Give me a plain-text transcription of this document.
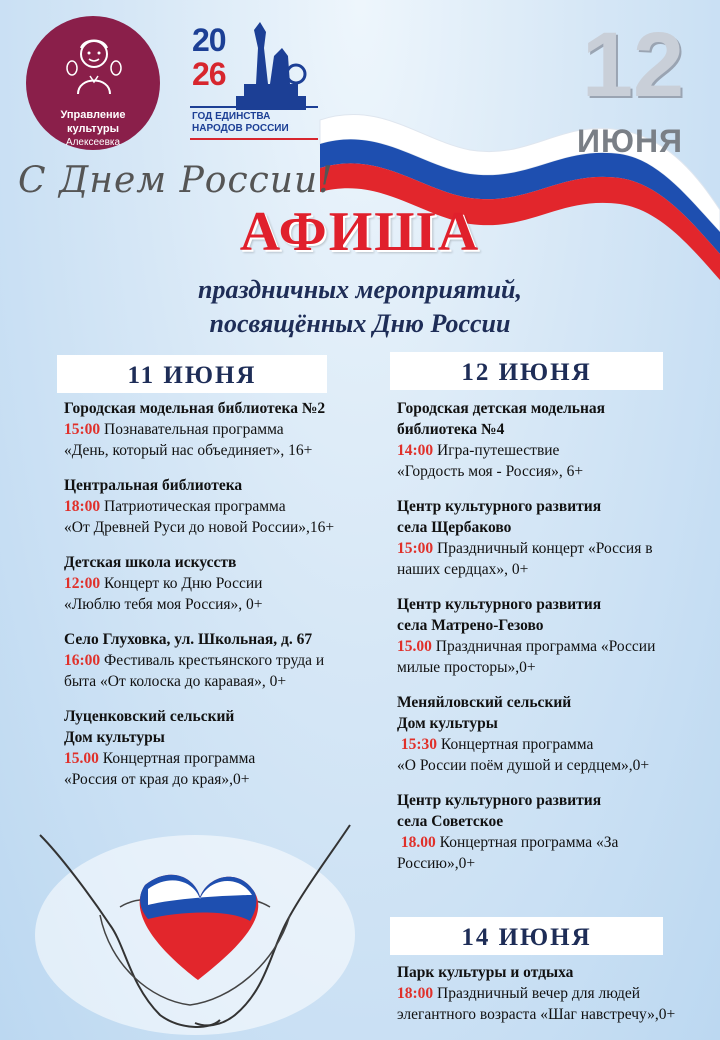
Управление
культуры
Алексеевка
20
26
ГОД ЕДИНСТВА
НАРОДОВ РОССИИ
12
ИЮНЯ
С Днем России!
АФИША
праздничных мероприятий,
посвящённых Дню России
11 ИЮНЯ
Городская модельная библиотека №2
15:00 Познавательная программа
«День, который нас объединяет», 16+
Центральная библиотека
18:00 Патриотическая программа
«От Древней Руси до новой России»,16+
Детская школа искусств
12:00 Концерт ко Дню России
«Люблю тебя моя Россия», 0+
Село Глуховка, ул. Школьная, д. 67
16:00 Фестиваль крестьянского труда и
быта «От колоска до каравая», 0+
Луценковский сельский
Дом культуры
15.00 Концертная программа
«Россия от края до края»,0+
12 ИЮНЯ
Городская детская модельная
библиотека №4
14:00 Игра-путешествие
«Гордость моя - Россия», 6+
Центр культурного развития
села Щербаково
15:00 Праздничный концерт «Россия в
наших сердцах», 0+
Центр культурного развития
села Матрено-Гезово
15.00 Праздничная программа «России
милые просторы»,0+
Меняйловский сельский
Дом культуры
15:30 Концертная программа
«О России поём душой и сердцем»,0+
Центр культурного развития
села Советское
18.00 Концертная программа «За
Россию»,0+
14 ИЮНЯ
Парк культуры и отдыха
18:00 Праздничный вечер для людей
элегантного возраста «Шаг навстречу»,0+
